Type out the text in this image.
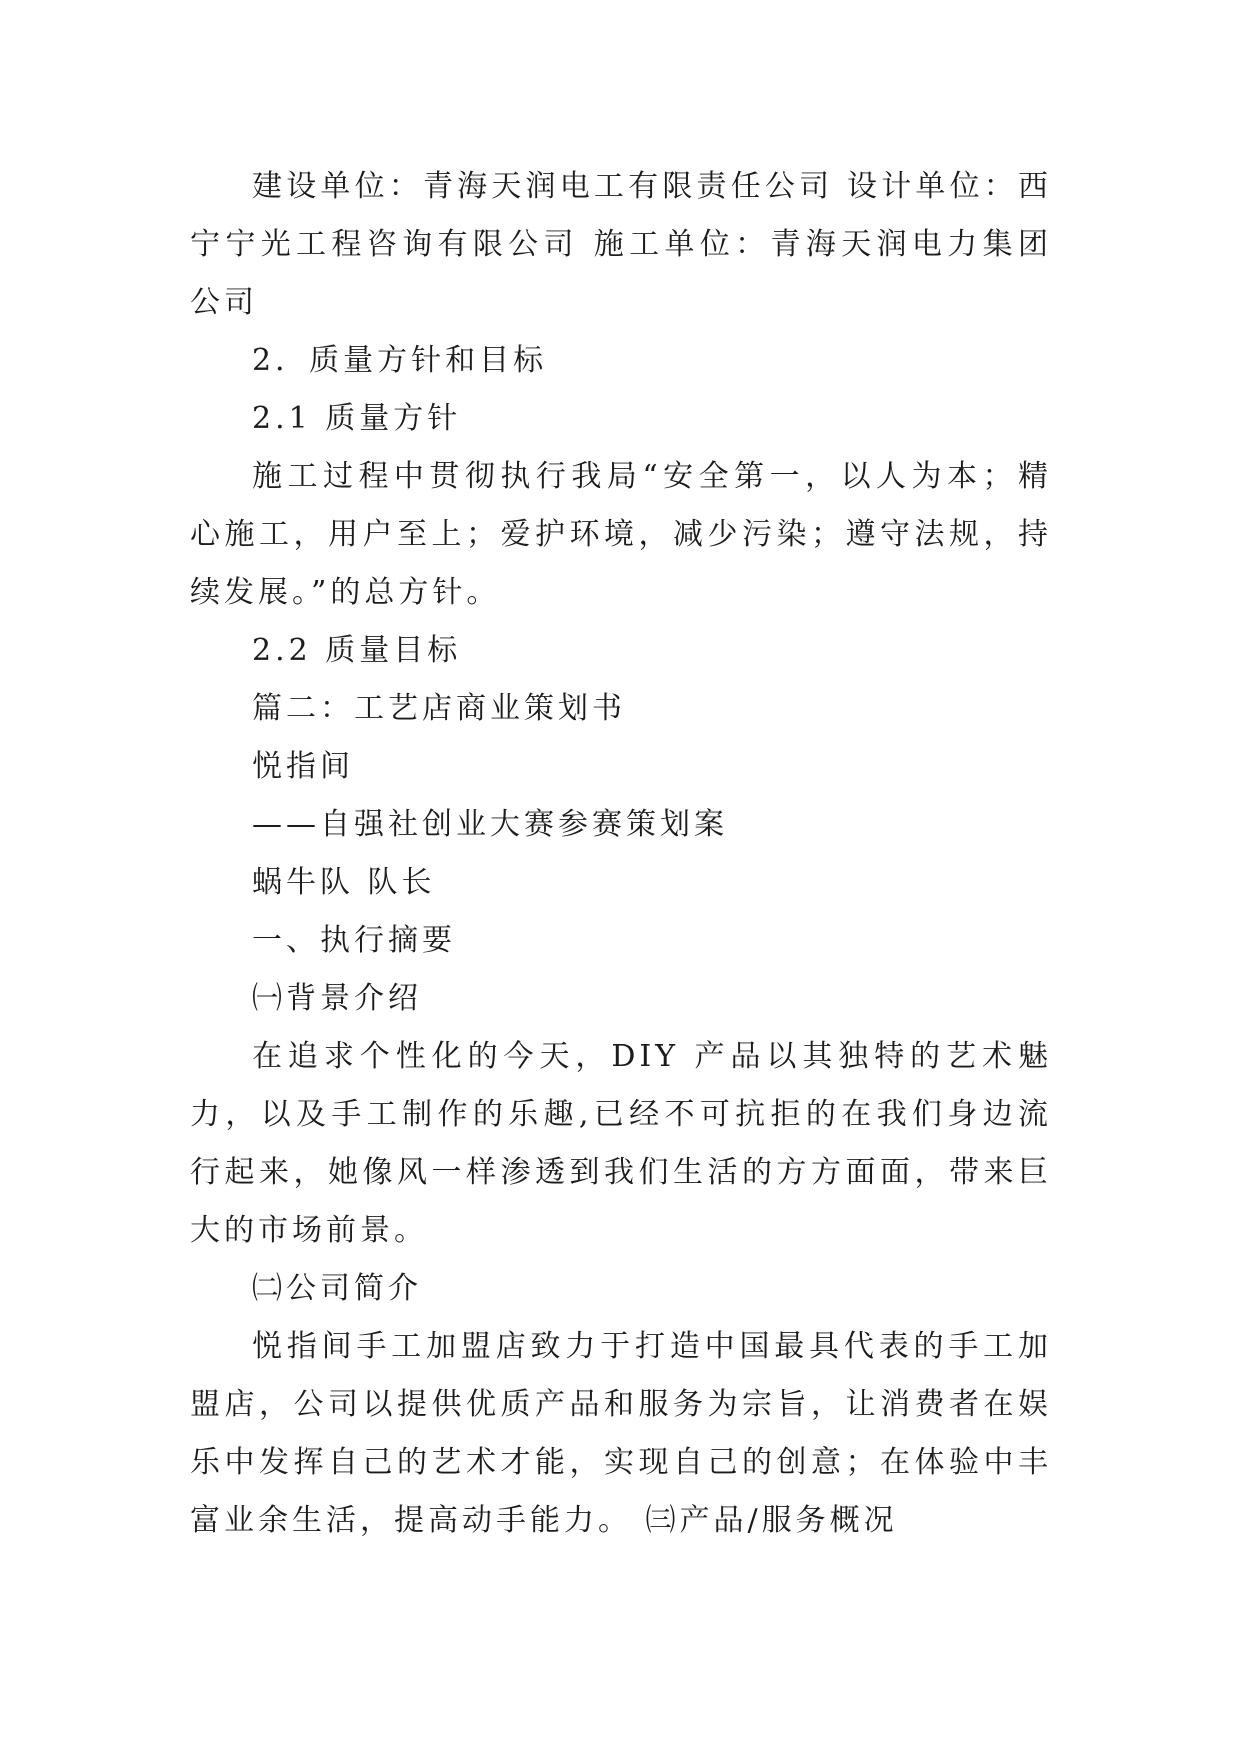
建设单位：青海天润电工有限责任公司 设计单位：西宁宁光工程咨询有限公司 施工单位：青海天润电力集团公司

2．质量方针和目标

2.1 质量方针

施工过程中贯彻执行我局“安全第一，以人为本；精心施工，用户至上；爱护环境，减少污染；遵守法规，持续发展。”的总方针。

2.2 质量目标

篇二：工艺店商业策划书

悦指间

——自强社创业大赛参赛策划案

蜗牛队 队长

一、执行摘要

㈠背景介绍

在追求个性化的今天，DIY 产品以其独特的艺术魅力，以及手工制作的乐趣,已经不可抗拒的在我们身边流行起来，她像风一样渗透到我们生活的方方面面，带来巨大的市场前景。

㈡公司简介

悦指间手工加盟店致力于打造中国最具代表的手工加盟店，公司以提供优质产品和服务为宗旨，让消费者在娱乐中发挥自己的艺术才能，实现自己的创意；在体验中丰富业余生活，提高动手能力。 ㈢产品/服务概况
